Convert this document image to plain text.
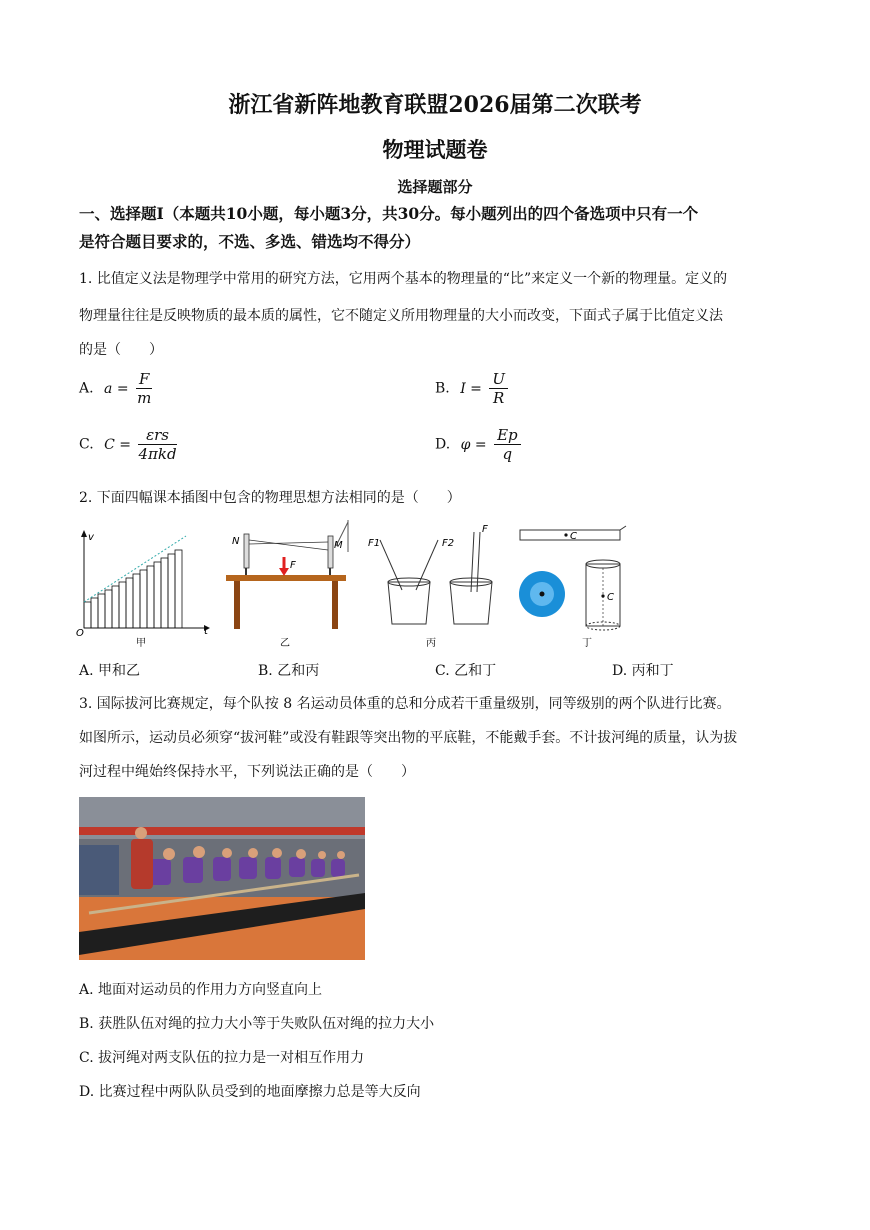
浙江省新阵地教育联盟2026届第二次联考
物理试题卷
选择题部分
一、选择题I（本题共10小题，每小题3分，共30分。每小题列出的四个备选项中只有一个
是符合题目要求的，不选、多选、错选均不得分）
1. 比值定义法是物理学中常用的研究方法，它用两个基本的物理量的“比”来定义一个新的物理量。定义的
物理量往往是反映物质的最本质的属性，它不随定义所用物理量的大小而改变，下面式子属于比值定义法
的是（　　）
A. $a = \frac{F}{m}$	B. $I = \frac{U}{R}$
C. $C = \frac{\text{εrs}}{\text{4πkd}}$	D. $\varphi = \frac{Ep}{q}$
2. 下面四幅课本插图中包含的物理思想方法相同的是（　　）
v
t
O
甲
N	M
F
乙
F1	F2
F
丙
C
C
丁
A. 甲和乙	B. 乙和丙	C. 乙和丁	D. 丙和丁
3. 国际拔河比赛规定，每个队按 8 名运动员体重的总和分成若干重量级别，同等级别的两个队进行比赛。
如图所示，运动员必须穿“拔河鞋”或没有鞋跟等突出物的平底鞋，不能戴手套。不计拔河绳的质量，认为拔
河过程中绳始终保持水平，下列说法正确的是（　　）
A. 地面对运动员的作用力方向竖直向上
B. 获胜队伍对绳的拉力大小等于失败队伍对绳的拉力大小
C. 拔河绳对两支队伍的拉力是一对相互作用力
D. 比赛过程中两队队员受到的地面摩擦力总是等大反向
